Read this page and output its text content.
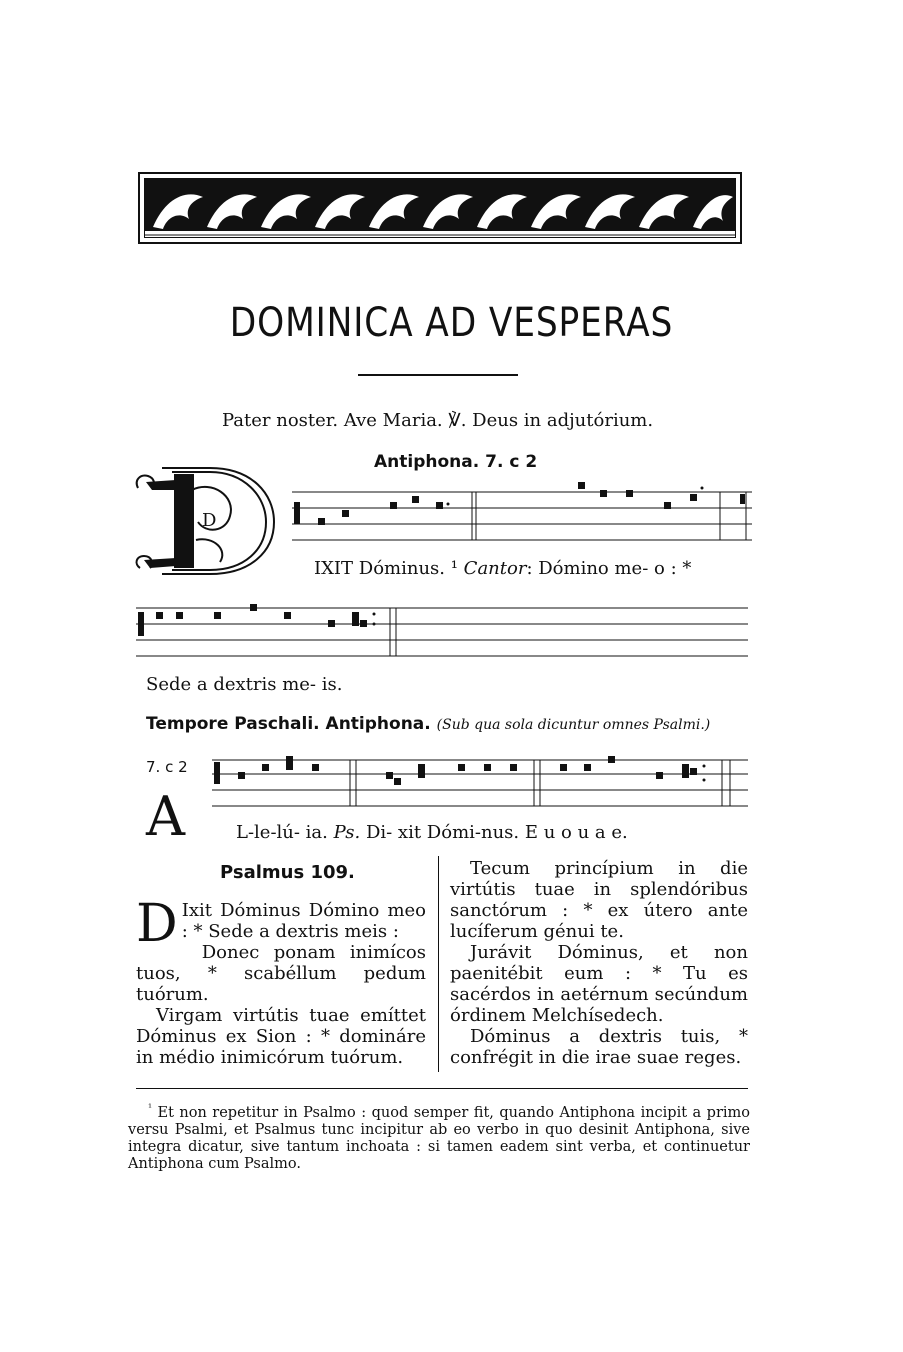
DOMINICA AD VESPERAS
Pater noster. Ave Maria. ℣. Deus in adjutórium.
Antiphona. 7. c 2
D
IXIT Dóminus. ¹ Cantor: Dómino me- o : *
Sede a dextris me- is.
Tempore Paschali. Antiphona. (Sub qua sola dicuntur omnes Psalmi.)
7. c 2
A	L-le-lú- ia. Ps. Di- xit Dómi-nus. E u o u a e.
Psalmus 109.
D Ixit Dóminus Dómino meo : * Sede a dextris meis :
Donec ponam inimícos tuos, * scabéllum pedum tuórum.
Virgam virtútis tuae emíttet Dóminus ex Sion : * domináre in médio inimicórum tuórum.
Tecum princípium in die virtútis tuae in splendóribus sanctórum : * ex útero ante lucíferum génui te.
Jurávit Dóminus, et non paenitébit eum : * Tu es sacérdos in aetérnum secúndum órdinem Melchísedech.
Dóminus a dextris tuis, * confrégit in die irae suae reges.
$^{^1}$ Et non repetitur in Psalmo : quod semper fit, quando Antiphona incipit a primo versu Psalmi, et Psalmus tunc incipitur ab eo verbo in quo desinit Antiphona, sive integra dicatur, sive tantum inchoata : si tamen eadem sint verba, et continuetur Antiphona cum Psalmo.
